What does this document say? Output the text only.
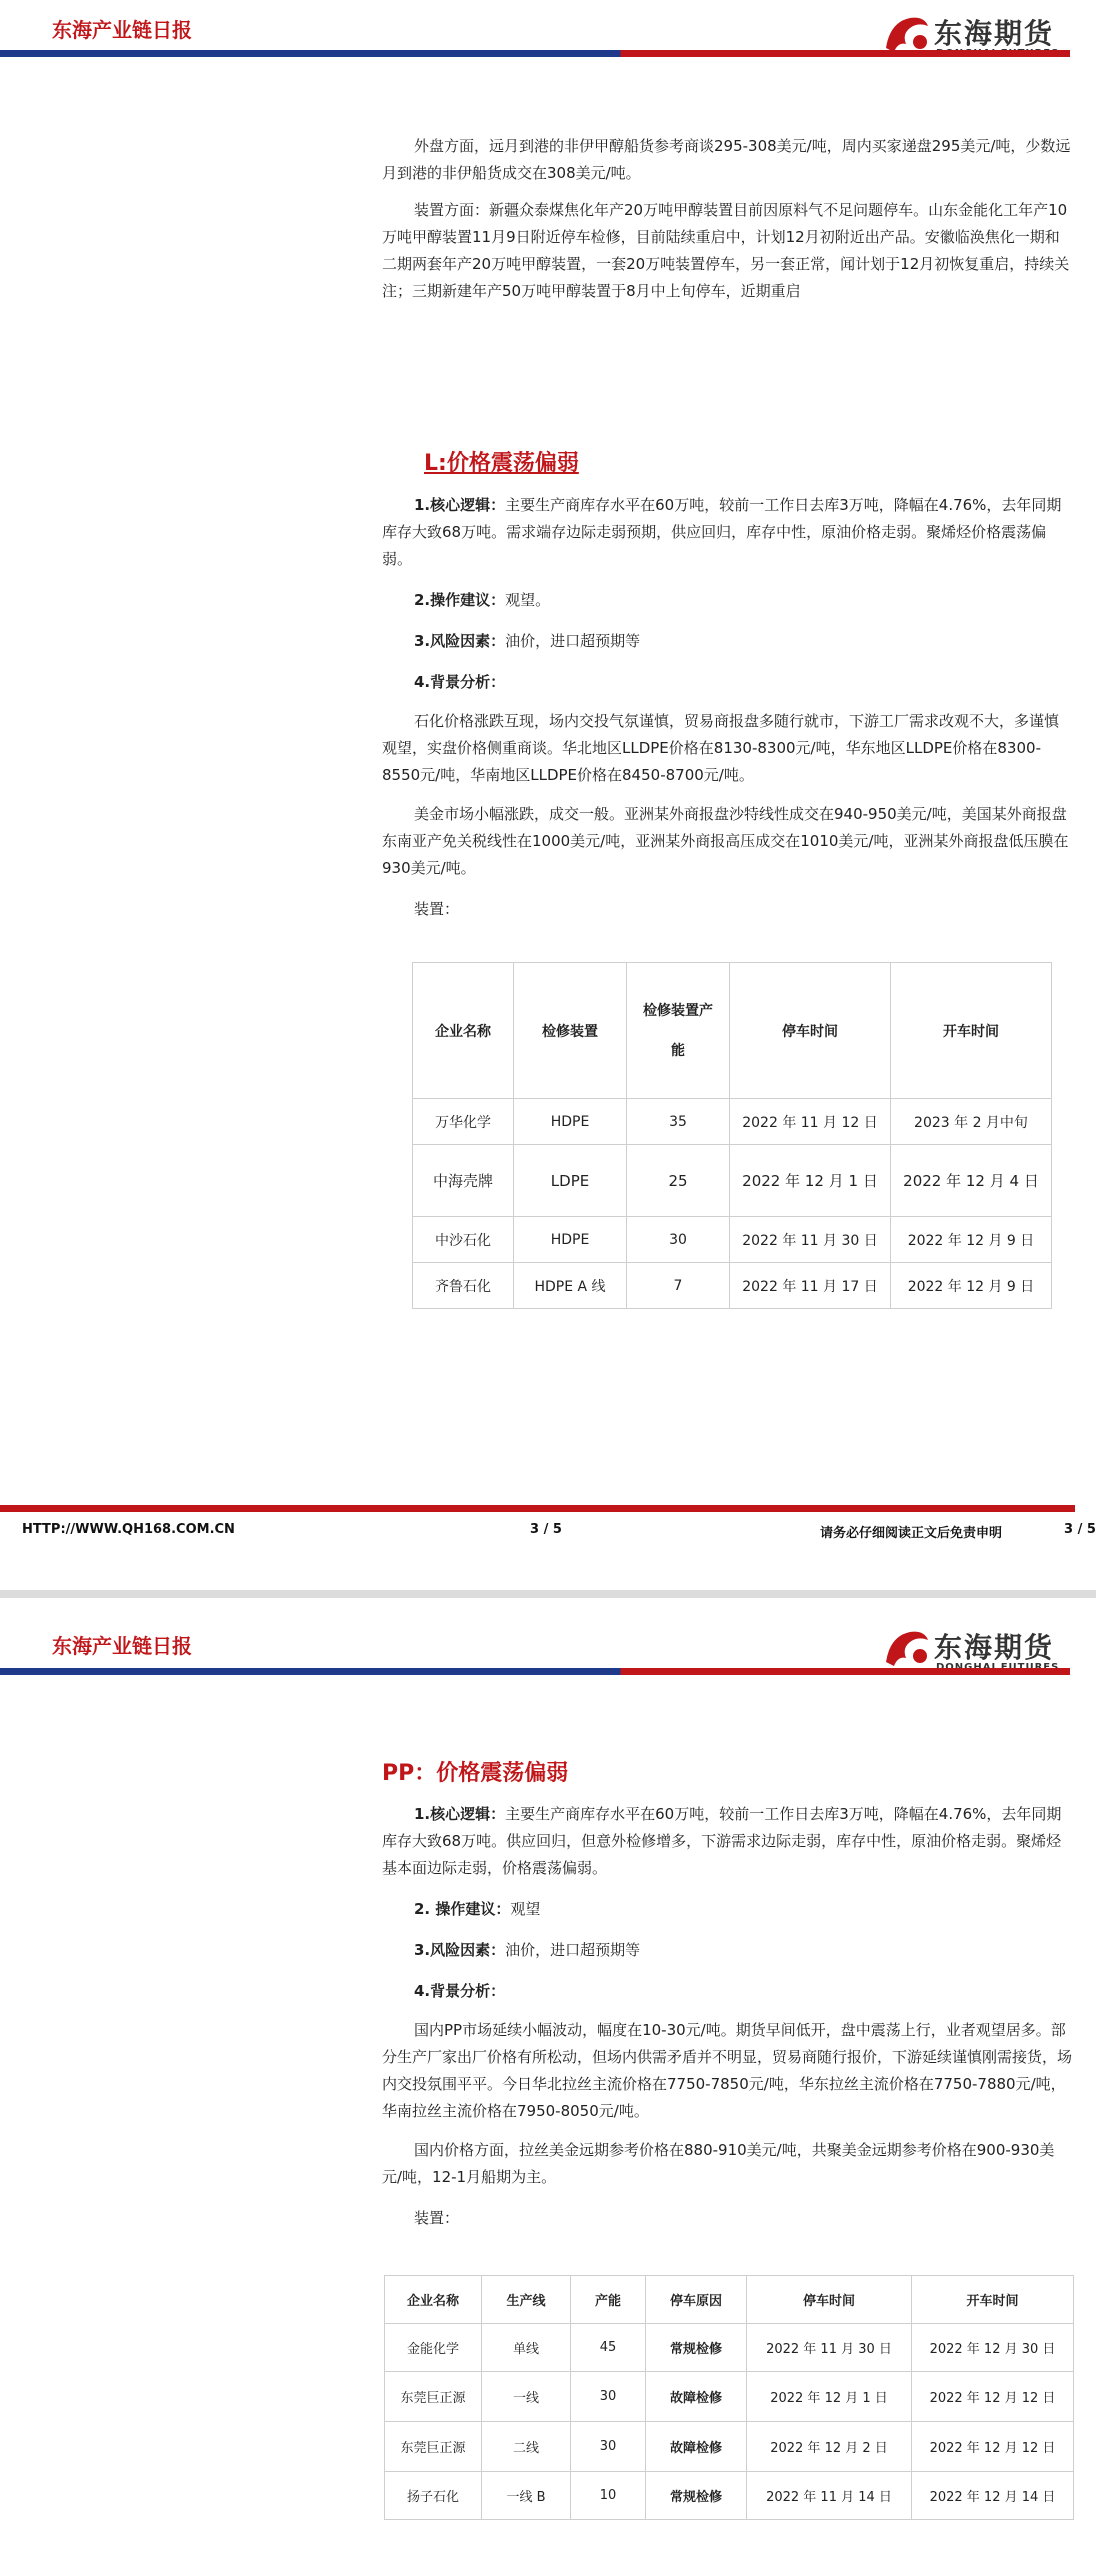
东海产业链日报	东海期货

外盘方面，远月到港的非伊甲醇船货参考商谈295-308美元/吨，周内买家递盘295美元/吨，少数远月到港的非伊船货成交在308美元/吨。

装置方面：新疆众泰煤焦化年产20万吨甲醇装置目前因原料气不足问题停车。山东金能化工年产10万吨甲醇装置11月9日附近停车检修，目前陆续重启中，计划12月初附近出产品。安徽临涣焦化一期和二期两套年产20万吨甲醇装置，一套20万吨装置停车，另一套正常，闻计划于12月初恢复重启，持续关注；三期新建年产50万吨甲醇装置于8月中上旬停车，近期重启

L:价格震荡偏弱

1.核心逻辑：主要生产商库存水平在60万吨，较前一工作日去库3万吨，降幅在4.76%，去年同期库存大致68万吨。需求端存边际走弱预期，供应回归，库存中性，原油价格走弱。聚烯烃价格震荡偏弱。

2.操作建议：观望。

3.风险因素：油价，进口超预期等

4.背景分析：

石化价格涨跌互现，场内交投气氛谨慎，贸易商报盘多随行就市，下游工厂需求改观不大，多谨慎观望，实盘价格侧重商谈。华北地区LLDPE价格在8130-8300元/吨，华东地区LLDPE价格在8300-8550元/吨，华南地区LLDPE价格在8450-8700元/吨。

美金市场小幅涨跌，成交一般。亚洲某外商报盘沙特线性成交在940-950美元/吨，美国某外商报盘东南亚产免关税线性在1000美元/吨，亚洲某外商报高压成交在1010美元/吨，亚洲某外商报盘低压膜在930美元/吨。

装置：

企业名称	检修装置	检修装置产能	停车时间	开车时间
万华化学	HDPE	35	2022 年 11 月 12 日	2023 年 2 月中旬
中海壳牌	LDPE	25	2022 年 12 月 1 日	2022 年 12 月 4 日
中沙石化	HDPE	30	2022 年 11 月 30 日	2022 年 12 月 9 日
齐鲁石化	HDPE A 线	7	2022 年 11 月 17 日	2022 年 12 月 9 日
HTTP://WWW.QH168.COM.CN	3 / 5	请务必仔细阅读正文后免责申明	3 / 5
东海产业链日报	东海期货
PP：价格震荡偏弱

1.核心逻辑：主要生产商库存水平在60万吨，较前一工作日去库3万吨，降幅在4.76%，去年同期库存大致68万吨。供应回归，但意外检修增多，下游需求边际走弱，库存中性，原油价格走弱。聚烯烃基本面边际走弱，价格震荡偏弱。

2. 操作建议：观望

3.风险因素：油价，进口超预期等

4.背景分析：

国内PP市场延续小幅波动，幅度在10-30元/吨。期货早间低开，盘中震荡上行，业者观望居多。部分生产厂家出厂价格有所松动，但场内供需矛盾并不明显，贸易商随行报价，下游延续谨慎刚需接货，场内交投氛围平平。今日华北拉丝主流价格在7750-7850元/吨，华东拉丝主流价格在7750-7880元/吨，华南拉丝主流价格在7950-8050元/吨。

国内价格方面，拉丝美金远期参考价格在880-910美元/吨，共聚美金远期参考价格在900-930美元/吨，12-1月船期为主。

装置：

企业名称	生产线	产能	停车原因	停车时间	开车时间
金能化学	单线	45	常规检修	2022 年 11 月 30 日	2022 年 12 月 30 日
东莞巨正源	一线	30	故障检修	2022 年 12 月 1 日	2022 年 12 月 12 日
东莞巨正源	二线	30	故障检修	2022 年 12 月 2 日	2022 年 12 月 12 日
扬子石化	一线 B	10	常规检修	2022 年 11 月 14 日	2022 年 12 月 14 日
